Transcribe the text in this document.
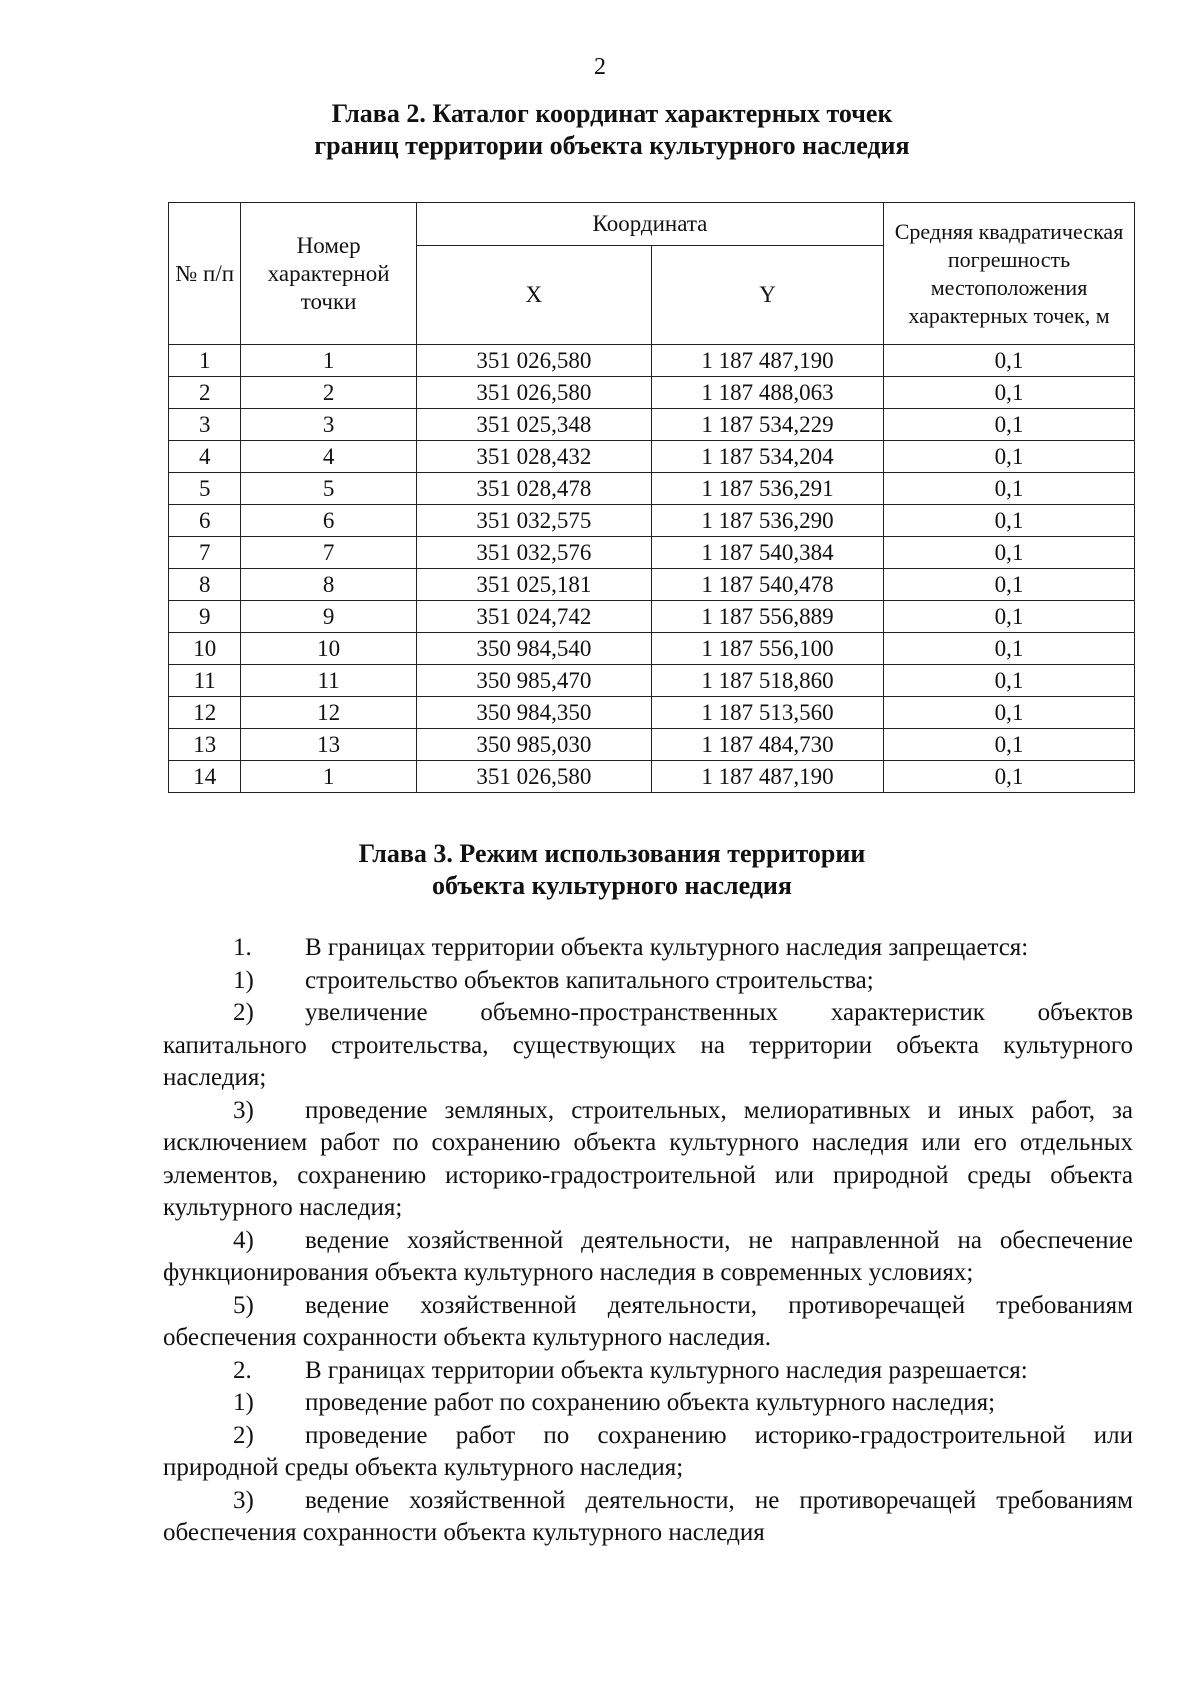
2
Глава 2. Каталог координат характерных точек
границ территории объекта культурного наследия
№ п/п	Номер характерной точки	Координата		Средняя квадратическая погрешность местоположения характерных точек, м
		X	Y	
1	1	351 026,580	1 187 487,190	0,1
2	2	351 026,580	1 187 488,063	0,1
3	3	351 025,348	1 187 534,229	0,1
4	4	351 028,432	1 187 534,204	0,1
5	5	351 028,478	1 187 536,291	0,1
6	6	351 032,575	1 187 536,290	0,1
7	7	351 032,576	1 187 540,384	0,1
8	8	351 025,181	1 187 540,478	0,1
9	9	351 024,742	1 187 556,889	0,1
10	10	350 984,540	1 187 556,100	0,1
11	11	350 985,470	1 187 518,860	0,1
12	12	350 984,350	1 187 513,560	0,1
13	13	350 985,030	1 187 484,730	0,1
14	1	351 026,580	1 187 487,190	0,1
Глава 3. Режим использования территории
объекта культурного наследия

1. В границах территории объекта культурного наследия запрещается:

1) строительство объектов капитального строительства;

2) увеличение объемно-пространственных характеристик объектов капитального строительства, существующих на территории объекта культурного наследия;

3) проведение земляных, строительных, мелиоративных и иных работ, за исключением работ по сохранению объекта культурного наследия или его отдельных элементов, сохранению историко-градостроительной или природной среды объекта культурного наследия;

4) ведение хозяйственной деятельности, не направленной на обеспечение функционирования объекта культурного наследия в современных условиях;

5) ведение хозяйственной деятельности, противоречащей требованиям обеспечения сохранности объекта культурного наследия.

2. В границах территории объекта культурного наследия разрешается:

1) проведение работ по сохранению объекта культурного наследия;

2) проведение работ по сохранению историко-градостроительной или природной среды объекта культурного наследия;

3) ведение хозяйственной деятельности, не противоречащей требованиям обеспечения сохранности объекта культурного наследия
